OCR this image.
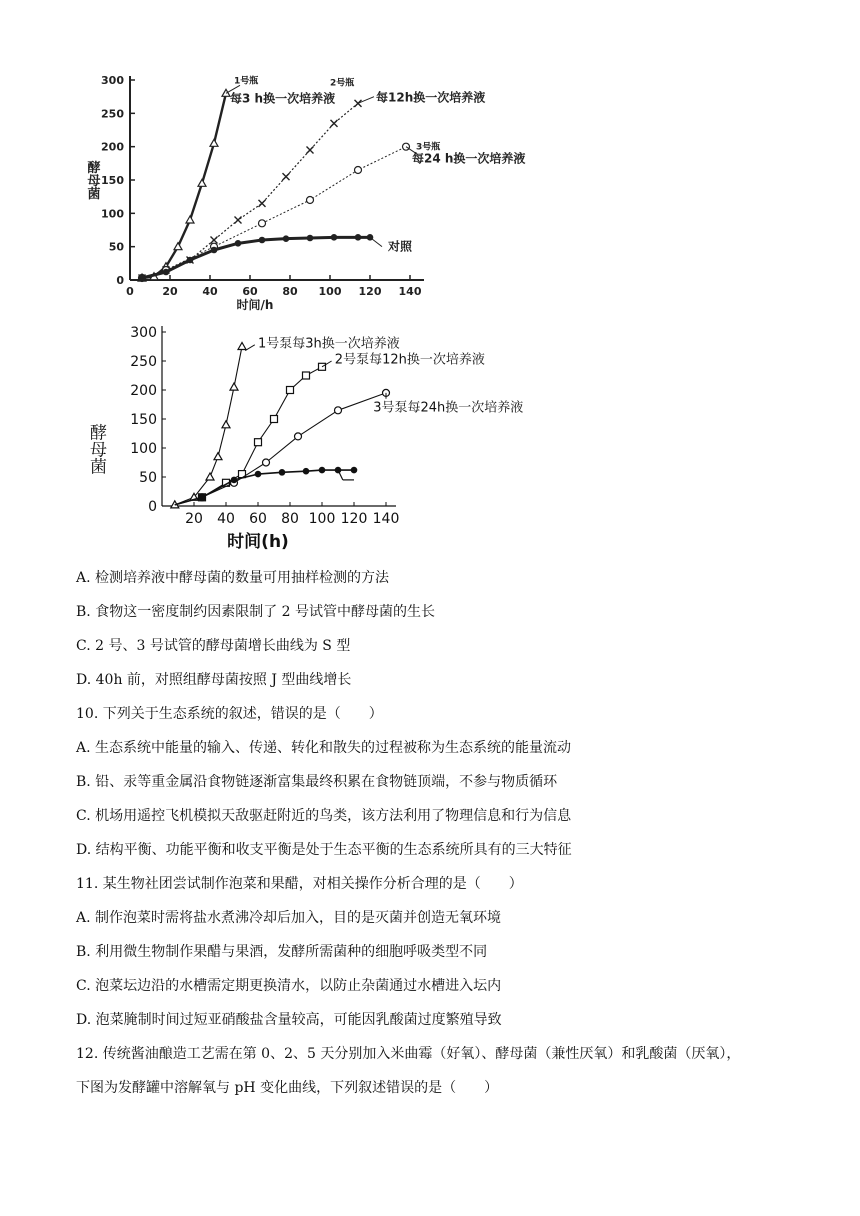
0
50
100
150
200
250
300
0	20 40 60 80 100 120 140
时间/h
酵母菌
1号瓶
每3 h换一次培养液
2号瓶
每12h换一次培养液
3号瓶
每24 h换一次培养液
对照
0
50
100
150
200
250
300
20 40 60 80 100 120 140
时间(h)
酵母菌
1号泵每3h换一次培养液
2号泵每12h换一次培养液
3号泵每24h换一次培养液
A. 检测培养液中酵母菌的数量可用抽样检测的方法
B. 食物这一密度制约因素限制了 2 号试管中酵母菌的生长
C. 2 号、3 号试管的酵母菌增长曲线为 S 型
D. 40h 前，对照组酵母菌按照 J 型曲线增长
10. 下列关于生态系统的叙述，错误的是（　　）
A. 生态系统中能量的输入、传递、转化和散失的过程被称为生态系统的能量流动
B. 铅、汞等重金属沿食物链逐渐富集最终积累在食物链顶端，不参与物质循环
C. 机场用遥控飞机模拟天敌驱赶附近的鸟类，该方法利用了物理信息和行为信息
D. 结构平衡、功能平衡和收支平衡是处于生态平衡的生态系统所具有的三大特征
11. 某生物社团尝试制作泡菜和果醋，对相关操作分析合理的是（　　）
A. 制作泡菜时需将盐水煮沸冷却后加入，目的是灭菌并创造无氧环境
B. 利用微生物制作果醋与果酒，发酵所需菌种的细胞呼吸类型不同
C. 泡菜坛边沿的水槽需定期更换清水，以防止杂菌通过水槽进入坛内
D. 泡菜腌制时间过短亚硝酸盐含量较高，可能因乳酸菌过度繁殖导致
12. 传统酱油酿造工艺需在第 0、2、5 天分别加入米曲霉（好氧）、酵母菌（兼性厌氧）和乳酸菌（厌氧），
下图为发酵罐中溶解氧与 pH 变化曲线，下列叙述错误的是（　　）
